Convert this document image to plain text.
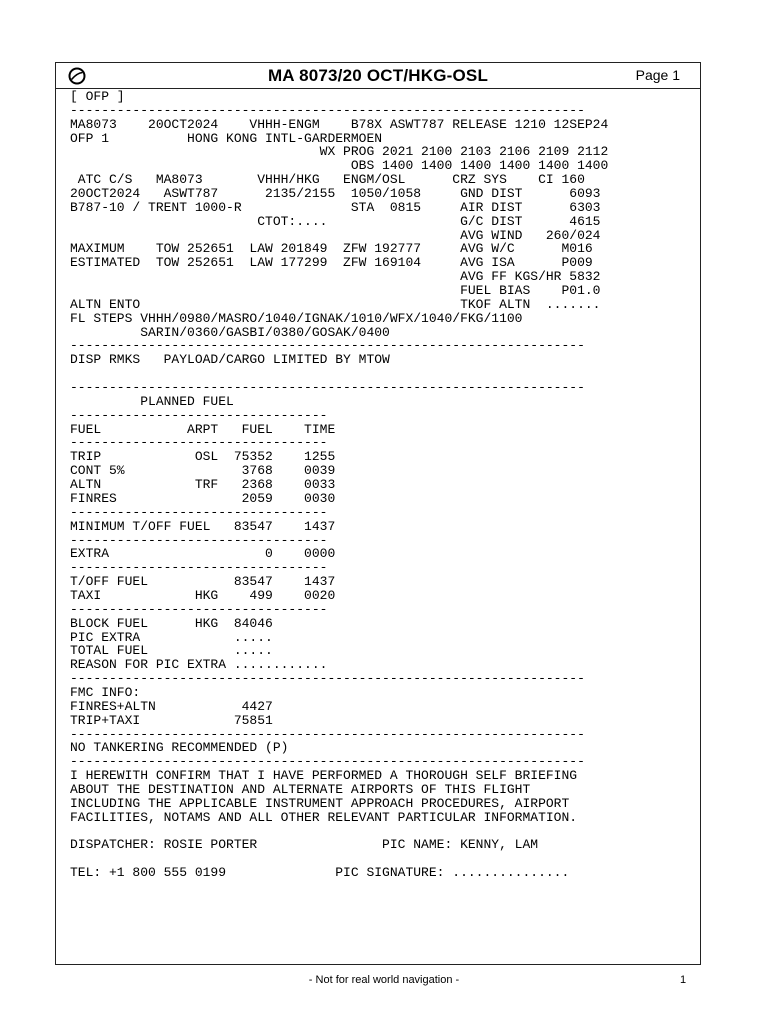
MA 8073/20 OCT/HKG-OSL	Page 1
[ OFP ]
------------------------------------------------------------------
MA8073    20OCT2024    VHHH-ENGM    B78X ASWT787 RELEASE 1210 12SEP24
OFP 1          HONG KONG INTL-GARDERMOEN
WX PROG 2021 2100 2103 2106 2109 2112
OBS 1400 1400 1400 1400 1400 1400
ATC C/S   MA8073       VHHH/HKG   ENGM/OSL      CRZ SYS    CI 160
20OCT2024   ASWT787      2135/2155  1050/1058     GND DIST      6093
B787-10 / TRENT 1000-R              STA  0815     AIR DIST      6303
CTOT:....                 G/C DIST      4615
AVG WIND   260/024
MAXIMUM    TOW 252651  LAW 201849  ZFW 192777     AVG W/C      M016
ESTIMATED  TOW 252651  LAW 177299  ZFW 169104     AVG ISA      P009
AVG FF KGS/HR 5832
FUEL BIAS    P01.0
ALTN ENTO                                         TKOF ALTN  .......
FL STEPS VHHH/0980/MASRO/1040/IGNAK/1010/WFX/1040/FKG/1100
SARIN/0360/GASBI/0380/GOSAK/0400
------------------------------------------------------------------
DISP RMKS   PAYLOAD/CARGO LIMITED BY MTOW

------------------------------------------------------------------
PLANNED FUEL
---------------------------------
FUEL           ARPT   FUEL    TIME
---------------------------------
TRIP            OSL  75352    1255
CONT 5%               3768    0039
ALTN            TRF   2368    0033
FINRES                2059    0030
---------------------------------
MINIMUM T/OFF FUEL   83547    1437
---------------------------------
EXTRA                    0    0000
---------------------------------
T/OFF FUEL           83547    1437
TAXI            HKG    499    0020
---------------------------------
BLOCK FUEL      HKG  84046
PIC EXTRA            .....
TOTAL FUEL           .....
REASON FOR PIC EXTRA ............
------------------------------------------------------------------
FMC INFO:
FINRES+ALTN           4427
TRIP+TAXI            75851
------------------------------------------------------------------
NO TANKERING RECOMMENDED (P)
------------------------------------------------------------------
I HEREWITH CONFIRM THAT I HAVE PERFORMED A THOROUGH SELF BRIEFING
ABOUT THE DESTINATION AND ALTERNATE AIRPORTS OF THIS FLIGHT
INCLUDING THE APPLICABLE INSTRUMENT APPROACH PROCEDURES, AIRPORT
FACILITIES, NOTAMS AND ALL OTHER RELEVANT PARTICULAR INFORMATION.

DISPATCHER: ROSIE PORTER                PIC NAME: KENNY, LAM

TEL: +1 800 555 0199              PIC SIGNATURE: ...............
- Not for real world navigation -	1
